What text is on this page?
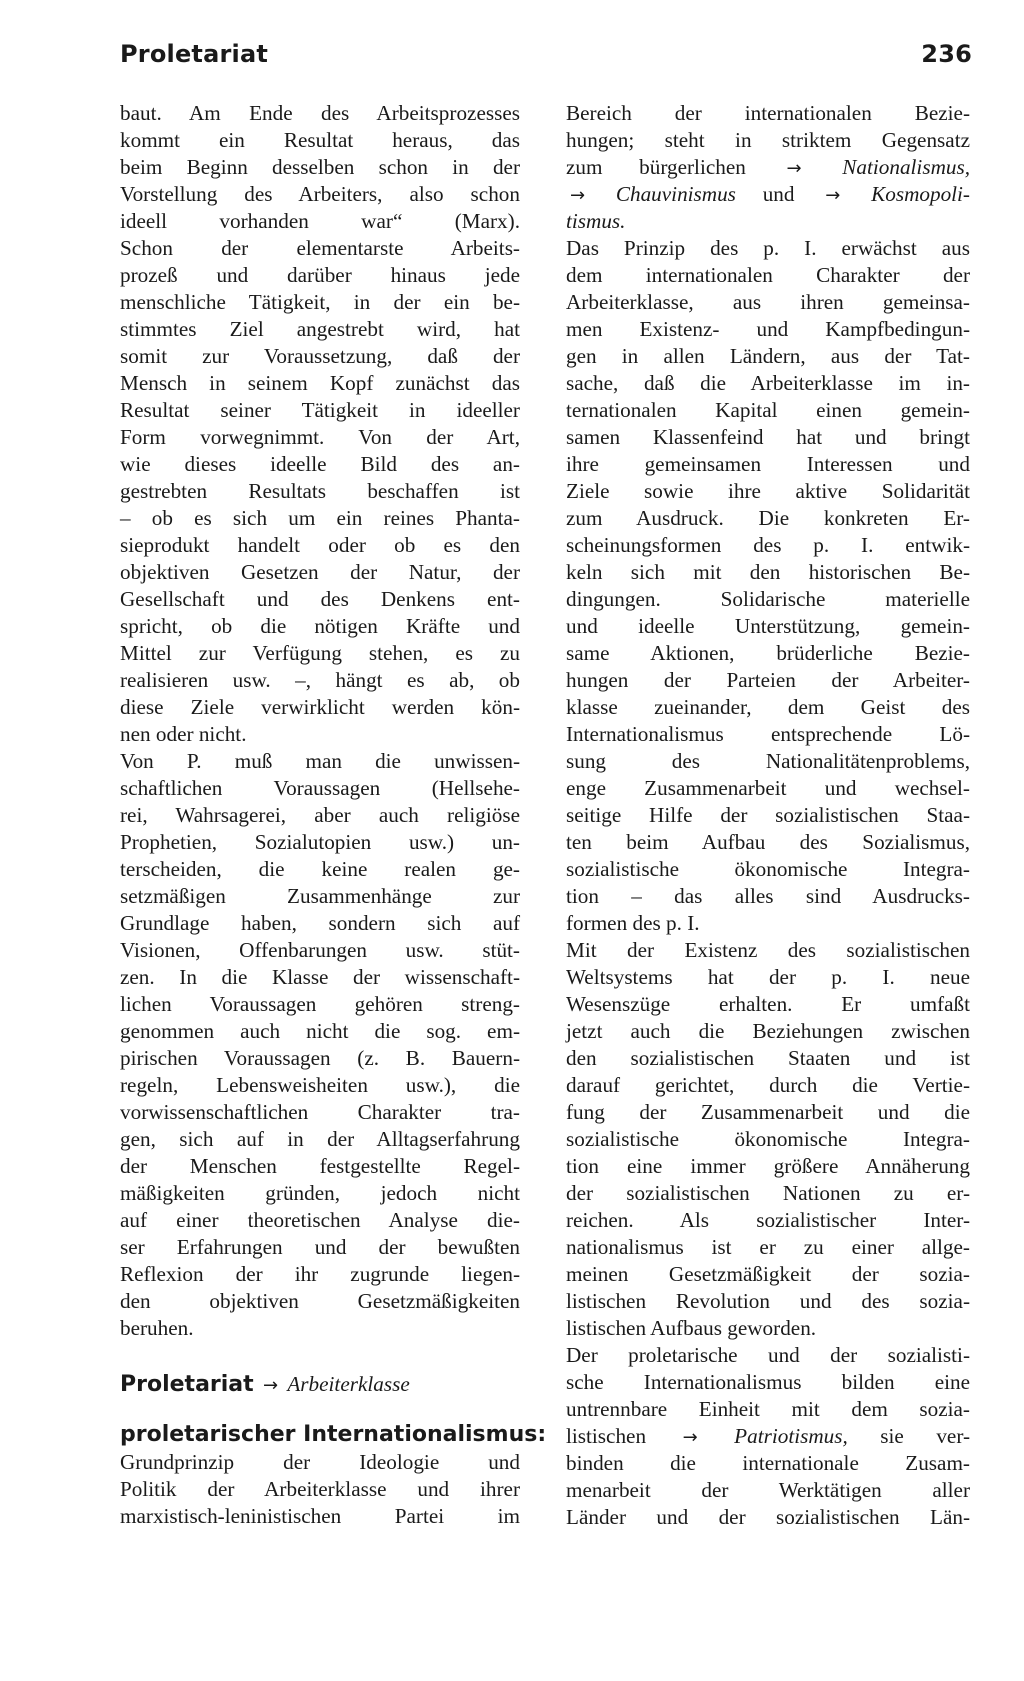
Proletariat	236
baut. Am Ende des Arbeitsprozesses
kommt ein Resultat heraus, das
beim Beginn desselben schon in der
Vorstellung des Arbeiters, also schon
ideell vorhanden war“ (Marx).
Schon der elementarste Arbeits-
prozeß und darüber hinaus jede
menschliche Tätigkeit, in der ein be-
stimmtes Ziel angestrebt wird, hat
somit zur Voraussetzung, daß der
Mensch in seinem Kopf zunächst das
Resultat seiner Tätigkeit in ideeller
Form vorwegnimmt. Von der Art,
wie dieses ideelle Bild des an-
gestrebten Resultats beschaffen ist
– ob es sich um ein reines Phanta-
sieprodukt handelt oder ob es den
objektiven Gesetzen der Natur, der
Gesellschaft und des Denkens ent-
spricht, ob die nötigen Kräfte und
Mittel zur Verfügung stehen, es zu
realisieren usw. –, hängt es ab, ob
diese Ziele verwirklicht werden kön-
nen oder nicht.
Von P. muß man die unwissen-
schaftlichen Voraussagen (Hellsehe-
rei, Wahrsagerei, aber auch religiöse
Prophetien, Sozialutopien usw.) un-
terscheiden, die keine realen ge-
setzmäßigen Zusammenhänge zur
Grundlage haben, sondern sich auf
Visionen, Offenbarungen usw. stüt-
zen. In die Klasse der wissenschaft-
lichen Voraussagen gehören streng-
genommen auch nicht die sog. em-
pirischen Voraussagen (z. B. Bauern-
regeln, Lebensweisheiten usw.), die
vorwissenschaftlichen Charakter tra-
gen, sich auf in der Alltagserfahrung
der Menschen festgestellte Regel-
mäßigkeiten gründen, jedoch nicht
auf einer theoretischen Analyse die-
ser Erfahrungen und der bewußten
Reflexion der ihr zugrunde liegen-
den objektiven Gesetzmäßigkeiten
beruhen.
Proletariat → Arbeiterklasse
proletarischer Internationalismus:
Grundprinzip der Ideologie und
Politik der Arbeiterklasse und ihrer
marxistisch-leninistischen Partei im
Bereich der internationalen Bezie-
hungen; steht in striktem Gegensatz
zum bürgerlichen → Nationalismus,
→ Chauvinismus und → Kosmopoli-
tismus.
Das Prinzip des p. I. erwächst aus
dem internationalen Charakter der
Arbeiterklasse, aus ihren gemeinsa-
men Existenz- und Kampfbedingun-
gen in allen Ländern, aus der Tat-
sache, daß die Arbeiterklasse im in-
ternationalen Kapital einen gemein-
samen Klassenfeind hat und bringt
ihre gemeinsamen Interessen und
Ziele sowie ihre aktive Solidarität
zum Ausdruck. Die konkreten Er-
scheinungsformen des p. I. entwik-
keln sich mit den historischen Be-
dingungen. Solidarische materielle
und ideelle Unterstützung, gemein-
same Aktionen, brüderliche Bezie-
hungen der Parteien der Arbeiter-
klasse zueinander, dem Geist des
Internationalismus entsprechende Lö-
sung des Nationalitätenproblems,
enge Zusammenarbeit und wechsel-
seitige Hilfe der sozialistischen Staa-
ten beim Aufbau des Sozialismus,
sozialistische ökonomische Integra-
tion – das alles sind Ausdrucks-
formen des p. I.
Mit der Existenz des sozialistischen
Weltsystems hat der p. I. neue
Wesenszüge erhalten. Er umfaßt
jetzt auch die Beziehungen zwischen
den sozialistischen Staaten und ist
darauf gerichtet, durch die Vertie-
fung der Zusammenarbeit und die
sozialistische ökonomische Integra-
tion eine immer größere Annäherung
der sozialistischen Nationen zu er-
reichen. Als sozialistischer Inter-
nationalismus ist er zu einer allge-
meinen Gesetzmäßigkeit der sozia-
listischen Revolution und des sozia-
listischen Aufbaus geworden.
Der proletarische und der sozialisti-
sche Internationalismus bilden eine
untrennbare Einheit mit dem sozia-
listischen → Patriotismus, sie ver-
binden die internationale Zusam-
menarbeit der Werktätigen aller
Länder und der sozialistischen Län-
